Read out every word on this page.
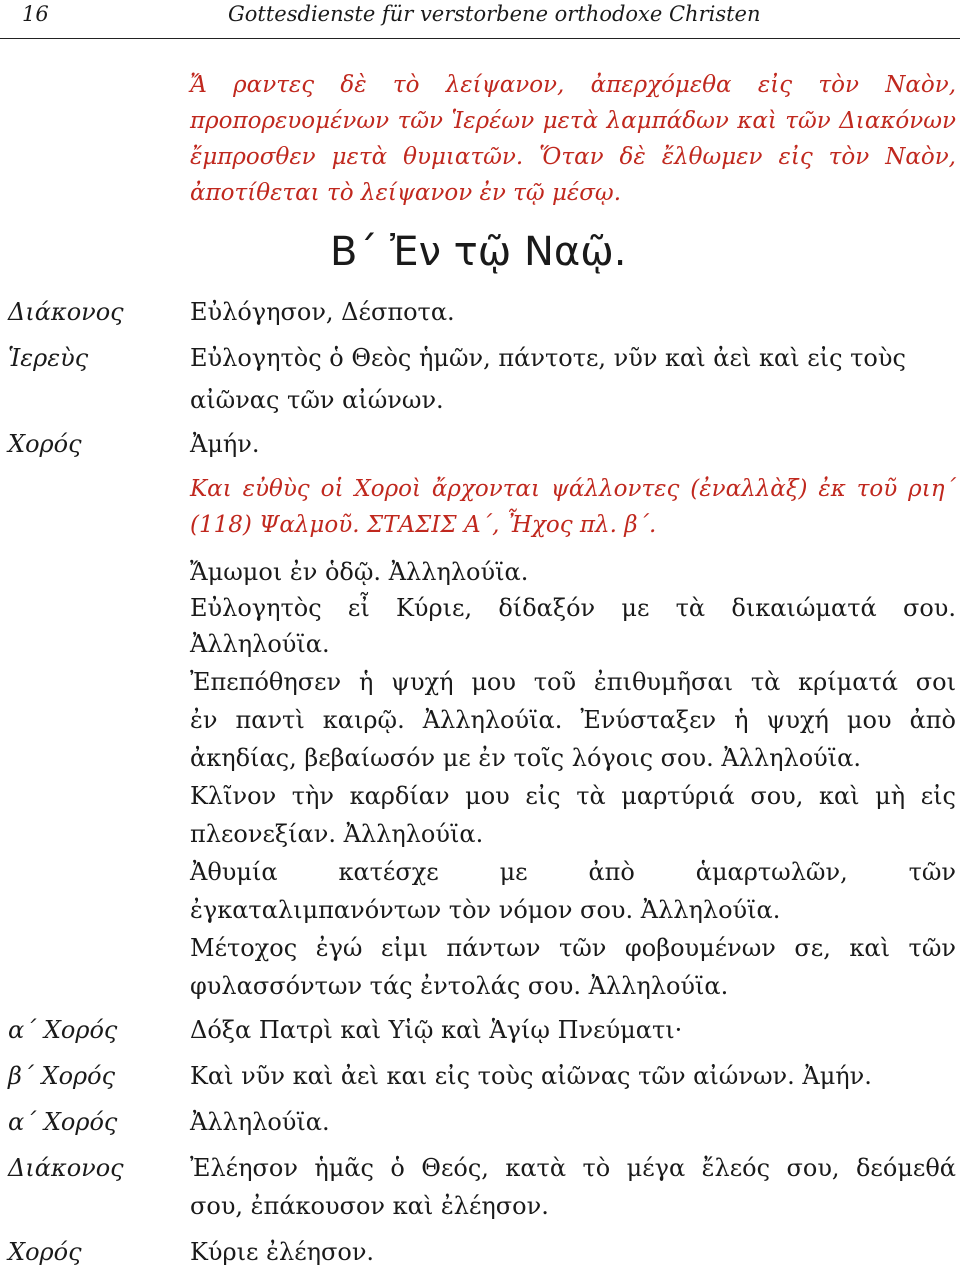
16	Gottesdienste für verstorbene orthodoxe Christen
Ἄ ραντες δὲ τὸ λείψανον, ἀπερχόμεθα εἰς τὸν Ναὸν,
προπορευομένων τῶν Ἱερέων μετὰ λαμπάδων καὶ τῶν Διακόνων
ἔμπροσθεν μετὰ θυμιατῶν. Ὅταν δὲ ἔλθωμεν εἰς τὸν Ναὸν,
ἀποτίθεται τὸ λείψανον ἐν τῷ μέσῳ.
Β΄ Ἐν τῷ Ναῷ.
Διάκονος
Ἱερεὺς
Χορός
α΄ Χορός
β΄ Χορός
α΄ Χορός
Διάκονος
Χορός
Εὐλόγησον, Δέσποτα.
Εὐλογητὸς ὁ Θεὸς ἡμῶν, πάντοτε, νῦν καὶ ἀεὶ καὶ εἰς τοὺς
αἰῶνας τῶν αἰώνων.
Ἀμήν.
Και εὐθὺς οἱ Χοροὶ ἄρχονται ψάλλοντες (ἐναλλὰξ) ἐκ τοῦ ριη΄
(118) Ψαλμοῦ. ΣΤΑΣΙΣ Α΄, Ἦχος πλ. β΄.
Ἄμωμοι ἐν ὁδῷ. Ἀλληλούϊα.
Εὐλογητὸς εἶ Κύριε, δίδαξόν με τὰ δικαιώματά σου.
Ἀλληλούϊα.
Ἐπεπόθησεν ἡ ψυχή μου τοῦ ἐπιθυμῆσαι τὰ κρίματά σοι
ἐν παντὶ καιρῷ. Ἀλληλούϊα. Ἐνύσταξεν ἡ ψυχή μου ἀπὸ
ἀκηδίας, βεβαίωσόν με ἐν τοῖς λόγοις σου. Ἀλληλούϊα.
Κλῖνον τὴν καρδίαν μου εἰς τὰ μαρτύριά σου, καὶ μὴ εἰς
πλεονεξίαν. Ἀλληλούϊα.
Ἀθυμία κατέσχε με ἀπὸ ἁμαρτωλῶν, τῶν
ἐγκαταλιμπανόντων τὸν νόμον σου. Ἀλληλούϊα.
Μέτοχος ἐγώ εἰμι πάντων τῶν φοβουμένων σε, καὶ τῶν
φυλασσόντων τάς ἐντολάς σου. Ἀλληλούϊα.
Δόξα Πατρὶ καὶ Υἱῷ καὶ Ἁγίῳ Πνεύματι·
Καὶ νῦν καὶ ἀεὶ και εἰς τοὺς αἰῶνας τῶν αἰώνων. Ἀμήν.
Ἀλληλούϊα.
Ἐλέησον ἡμᾶς ὁ Θεός, κατὰ τὸ μέγα ἔλεός σου, δεόμεθά
σου, ἐπάκουσον καὶ ἐλέησον.
Κύριε ἐλέησον.
